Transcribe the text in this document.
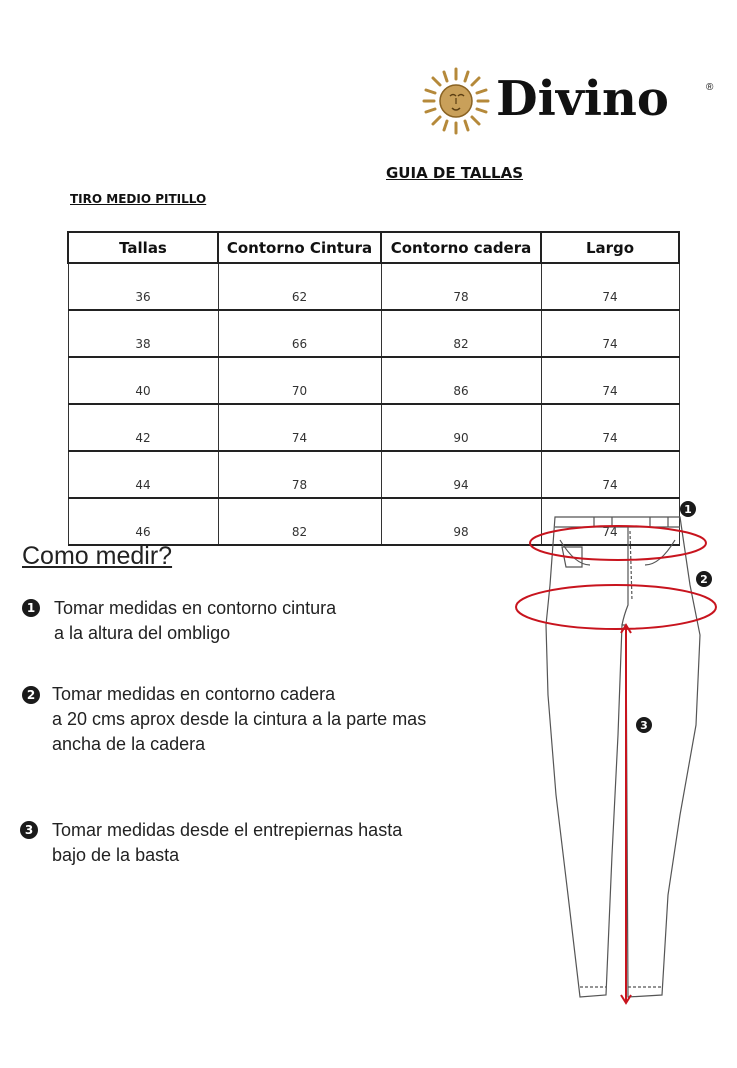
Divino	®
GUIA DE TALLAS
TIRO MEDIO PITILLO
Tallas	Contorno Cintura	Contorno cadera	Largo
36	62	78	74
38	66	82	74
40	70	86	74
42	74	90	74
44	78	94	74
46	82	98	74
Como medir?
1 Tomar medidas en contorno cintura
a la altura del ombligo
2 Tomar medidas en contorno cadera
a 20 cms aprox desde la cintura a la parte mas
ancha de la cadera
3 Tomar medidas desde el entrepiernas hasta
bajo de la basta
1
2
3
